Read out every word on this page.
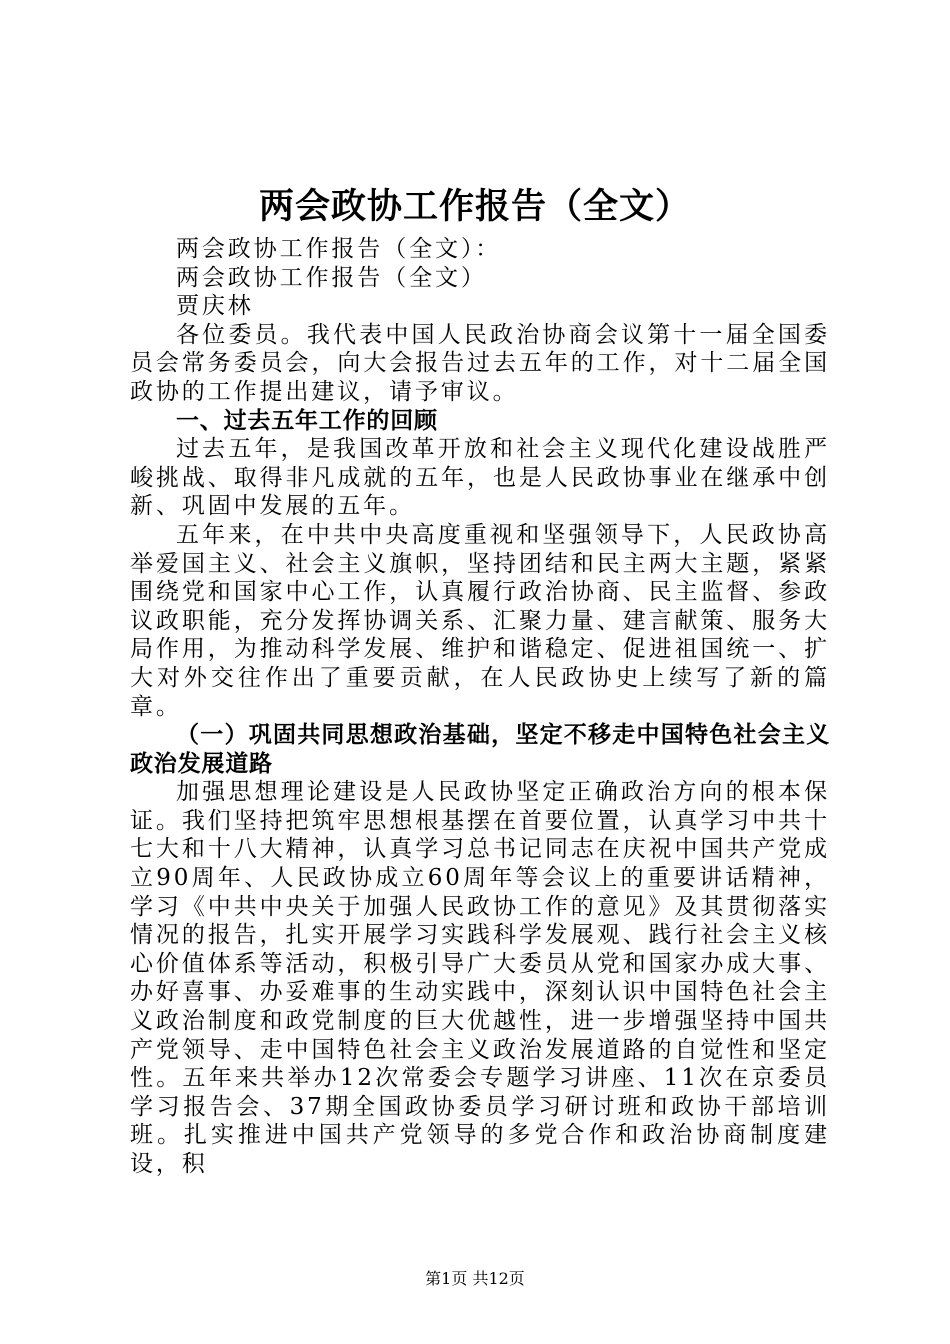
两会政协工作报告（全文）

两会政协工作报告（全文）：

两会政协工作报告（全文）

贾庆林

各位委员。我代表中国人民政治协商会议第十一届全国委员会常务委员会，向大会报告过去五年的工作，对十二届全国政协的工作提出建议，请予审议。

一、过去五年工作的回顾

过去五年，是我国改革开放和社会主义现代化建设战胜严峻挑战、取得非凡成就的五年，也是人民政协事业在继承中创新、巩固中发展的五年。

五年来，在中共中央高度重视和坚强领导下，人民政协高举爱国主义、社会主义旗帜，坚持团结和民主两大主题，紧紧围绕党和国家中心工作，认真履行政治协商、民主监督、参政议政职能，充分发挥协调关系、汇聚力量、建言献策、服务大局作用，为推动科学发展、维护和谐稳定、促进祖国统一、扩大对外交往作出了重要贡献，在人民政协史上续写了新的篇章。

（一）巩固共同思想政治基础，坚定不移走中国特色社会主义政治发展道路

加强思想理论建设是人民政协坚定正确政治方向的根本保证。我们坚持把筑牢思想根基摆在首要位置，认真学习中共十七大和十八大精神，认真学习总书记同志在庆祝中国共产党成立90周年、人民政协成立60周年等会议上的重要讲话精神，学习《中共中央关于加强人民政协工作的意见》及其贯彻落实情况的报告，扎实开展学习实践科学发展观、践行社会主义核心价值体系等活动，积极引导广大委员从党和国家办成大事、办好喜事、办妥难事的生动实践中，深刻认识中国特色社会主义政治制度和政党制度的巨大优越性，进一步增强坚持中国共产党领导、走中国特色社会主义政治发展道路的自觉性和坚定性。五年来共举办12次常委会专题学习讲座、11次在京委员学习报告会、37期全国政协委员学习研讨班和政协干部培训班。扎实推进中国共产党领导的多党合作和政治协商制度建设，积

第1页 共12页
